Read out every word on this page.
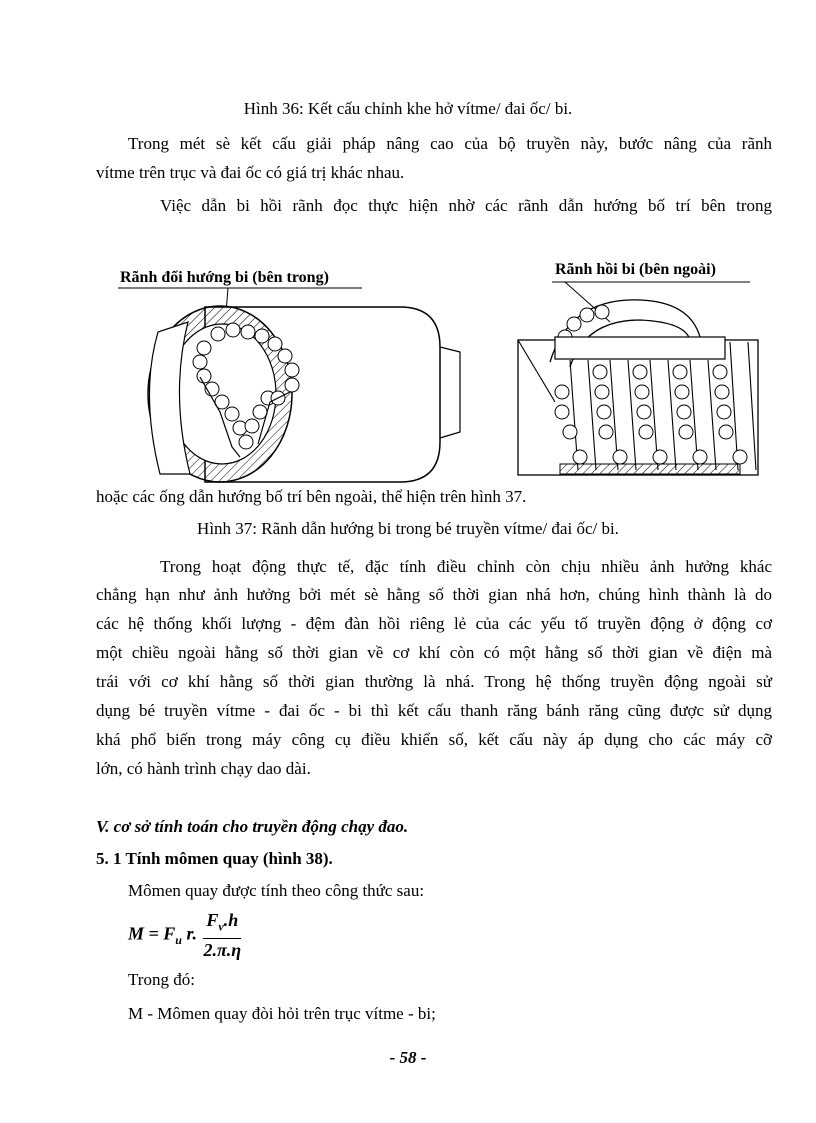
Hình 36: Kết cấu chỉnh khe hở vítme/ đai ốc/ bi.
Trong mét sè kết cấu giải pháp nâng cao của bộ truyền này, bước nâng của rãnh
vítme trên trục và đai ốc có giá trị khác nhau.
Việc dẫn bi hồi rãnh đọc thực hiện nhờ các rãnh dẫn hướng bố trí bên trong
Rãnh đổi hướng bi (bên trong)	Rãnh hồi bi (bên ngoài)
hoặc các ống dẫn hướng bố trí bên ngoài, thể hiện trên hình 37.
Hình 37: Rãnh dẫn hướng bi trong bé truyền vítme/ đai ốc/ bi.
Trong hoạt động thực tế, đặc tính điều chỉnh còn chịu nhiều ảnh hưởng khác
chẳng hạn như ảnh hưởng bởi mét sè hằng số thời gian nhá hơn, chúng hình thành là do
các hệ thống khối lượng - đệm đàn hồi riêng lẻ của các yếu tố truyền động ở động cơ
một chiều ngoài hằng số thời gian về cơ khí còn có một hằng số thời gian về điện mà
trái với cơ khí hằng số thời gian thường là nhá. Trong hệ thống truyền động ngoài sử
dụng bé truyền vítme - đai ốc - bi thì kết cấu thanh răng bánh răng cũng được sử dụng
khá phổ biến trong máy công cụ điều khiển số, kết cấu này áp dụng cho các máy cỡ
lớn, có hành trình chạy dao dài.
V. cơ sở tính toán cho truyền động chạy đao.
5. 1 Tính mômen quay (hình 38).
Mômen quay được tính theo công thức sau:
$M = F_u$ r. $\frac{F_v.h}{2.\pi.\eta}$
Trong đó:
M - Mômen quay đòi hỏi trên trục vítme - bi;
- 58 -
